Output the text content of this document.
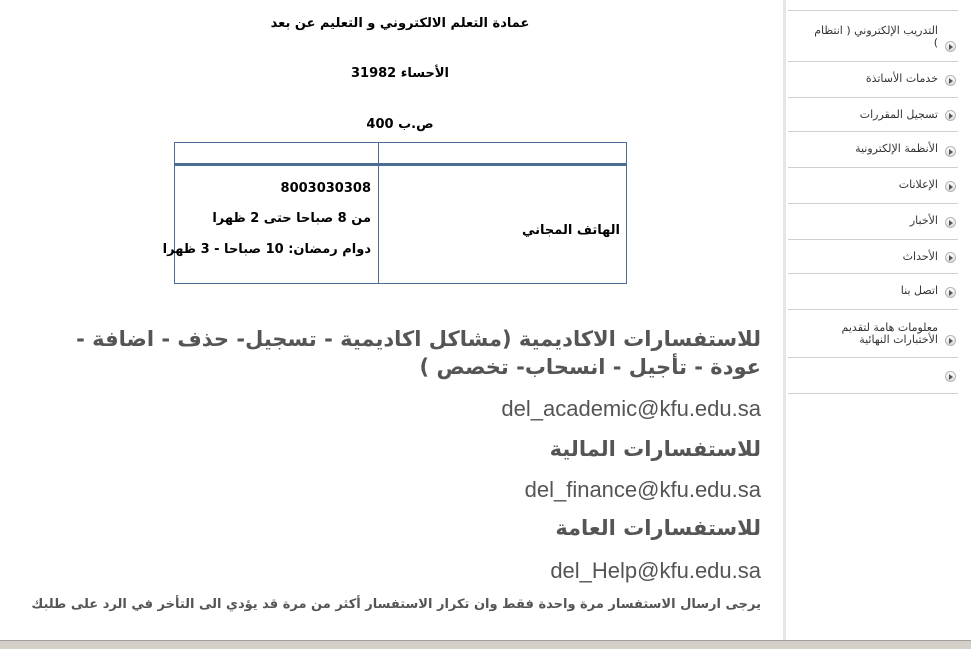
عمادة التعلم الالكتروني و التعليم عن بعد
الأحساء 31982
ص.ب 400
الهاتف المجاني
8003030308
من 8 صباحا حتى 2 ظهرا
دوام رمضان: 10 صباحا - 3 ظهرا
للاستفسارات الاكاديمية (مشاكل اكاديمية - تسجيل- حذف - اضافة - عودة - تأجيل - انسحاب- تخصص )
del_academic@kfu.edu.sa
للاستفسارات المالية
del_finance@kfu.edu.sa
للاستفسارات العامة
del_Help@kfu.edu.sa
يرجى ارسال الاستفسار مرة واحدة فقط وان تكرار الاستفسار أكثر من مرة قد يؤدي الى التأخر في الرد على طلبك
التدريب الإلكتروني ( انتظام )
خدمات الأساتذة
تسجيل المقررات
الأنظمة الإلكترونية
الإعلانات
الأخبار
الأحداث
اتصل بنا
معلومات هامة لتقديم الأختبارات النهائية
